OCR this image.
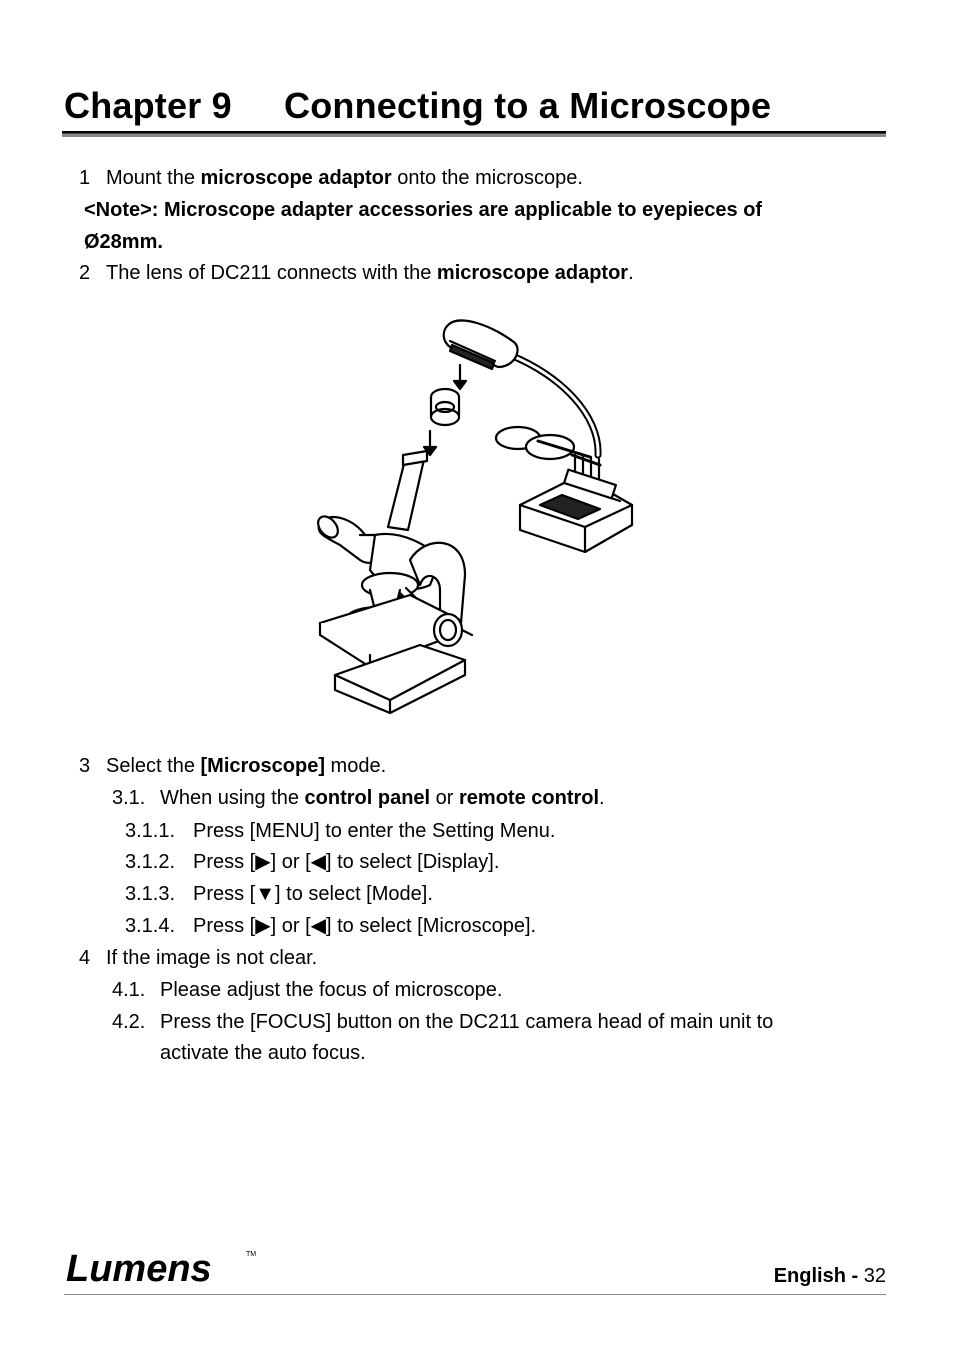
Chapter 9 Connecting to a Microscope
1 Mount the microscope adaptor onto the microscope.
<Note>: Microscope adapter accessories are applicable to eyepieces of
Ø28mm.
2 The lens of DC211 connects with the microscope adaptor.
3 Select the [Microscope] mode.
3.1. When using the control panel or remote control.
3.1.1. Press [MENU] to enter the Setting Menu.
3.1.2. Press [▶] or [◀] to select [Display].
3.1.3. Press [▼] to select [Mode].
3.1.4. Press [▶] or [◀] to select [Microscope].
4 If the image is not clear.
4.1. Please adjust the focus of microscope.
4.2. Press the [FOCUS] button on the DC211 camera head of main unit to
activate the auto focus.
Lumens	TM
English - 32
